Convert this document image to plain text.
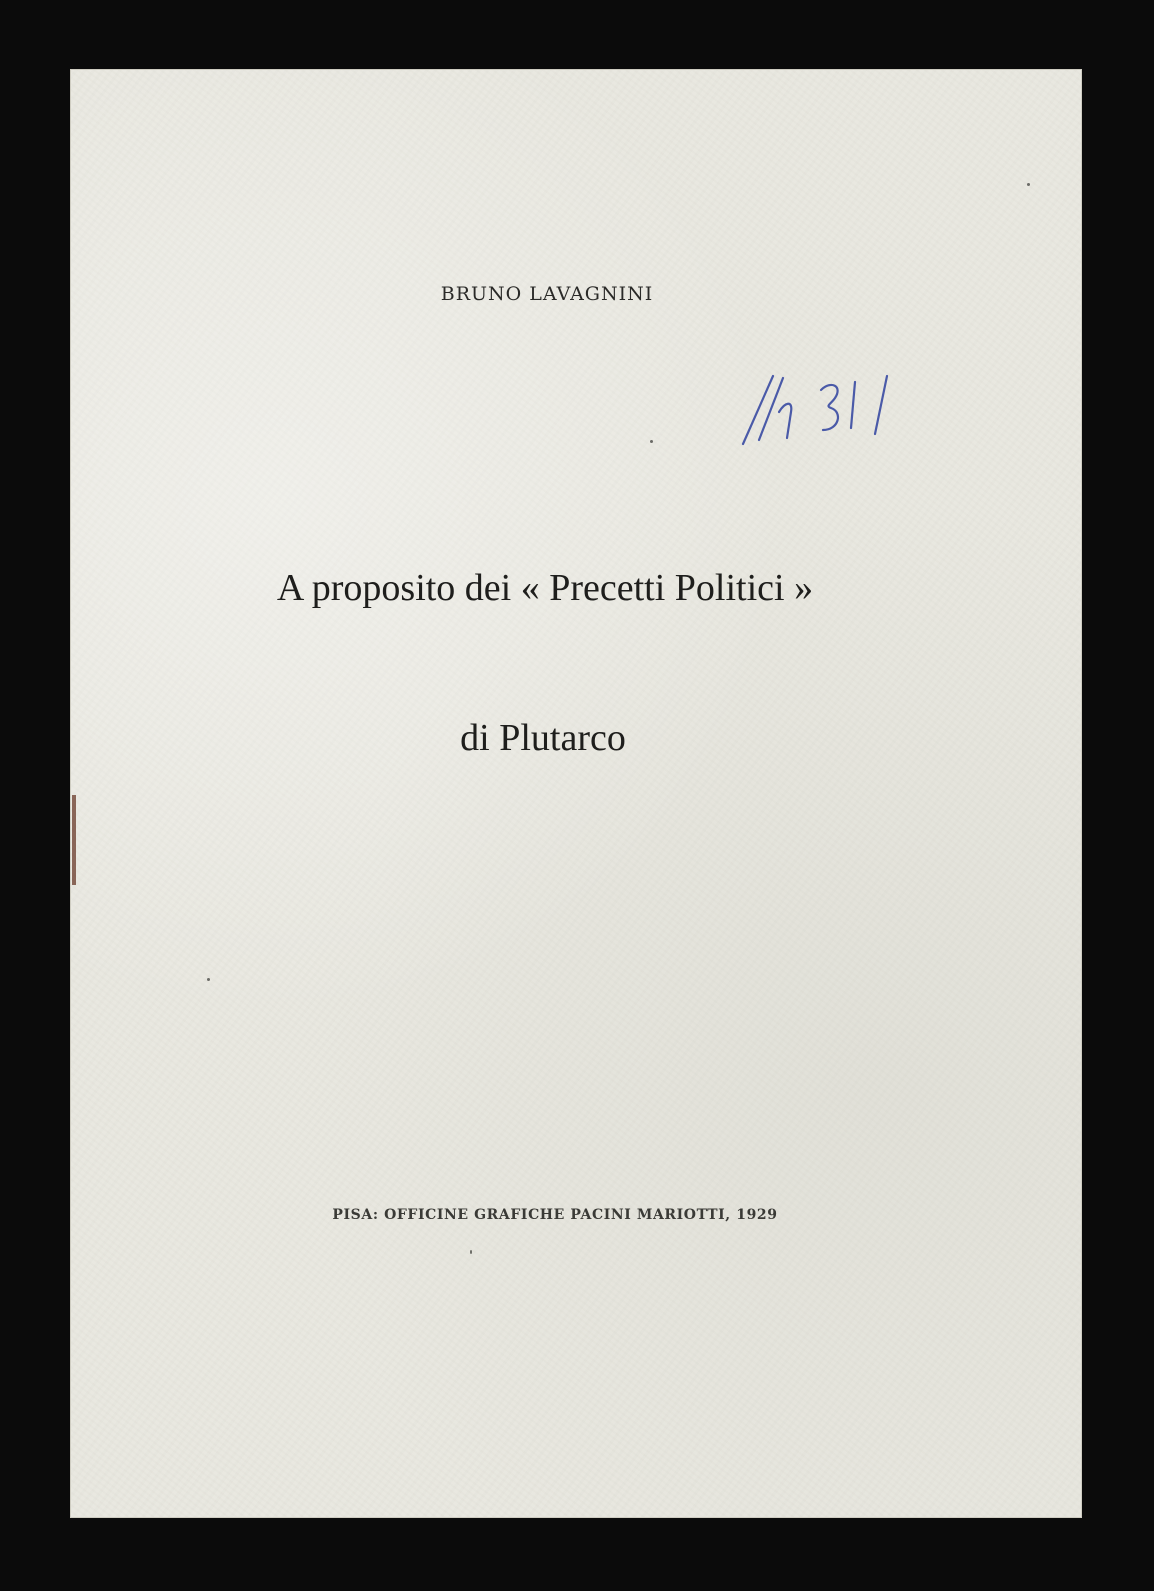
BRUNO LAVAGNINI
A proposito dei « Precetti Politici »
di Plutarco
PISA: OFFICINE GRAFICHE PACINI MARIOTTI, 1929
